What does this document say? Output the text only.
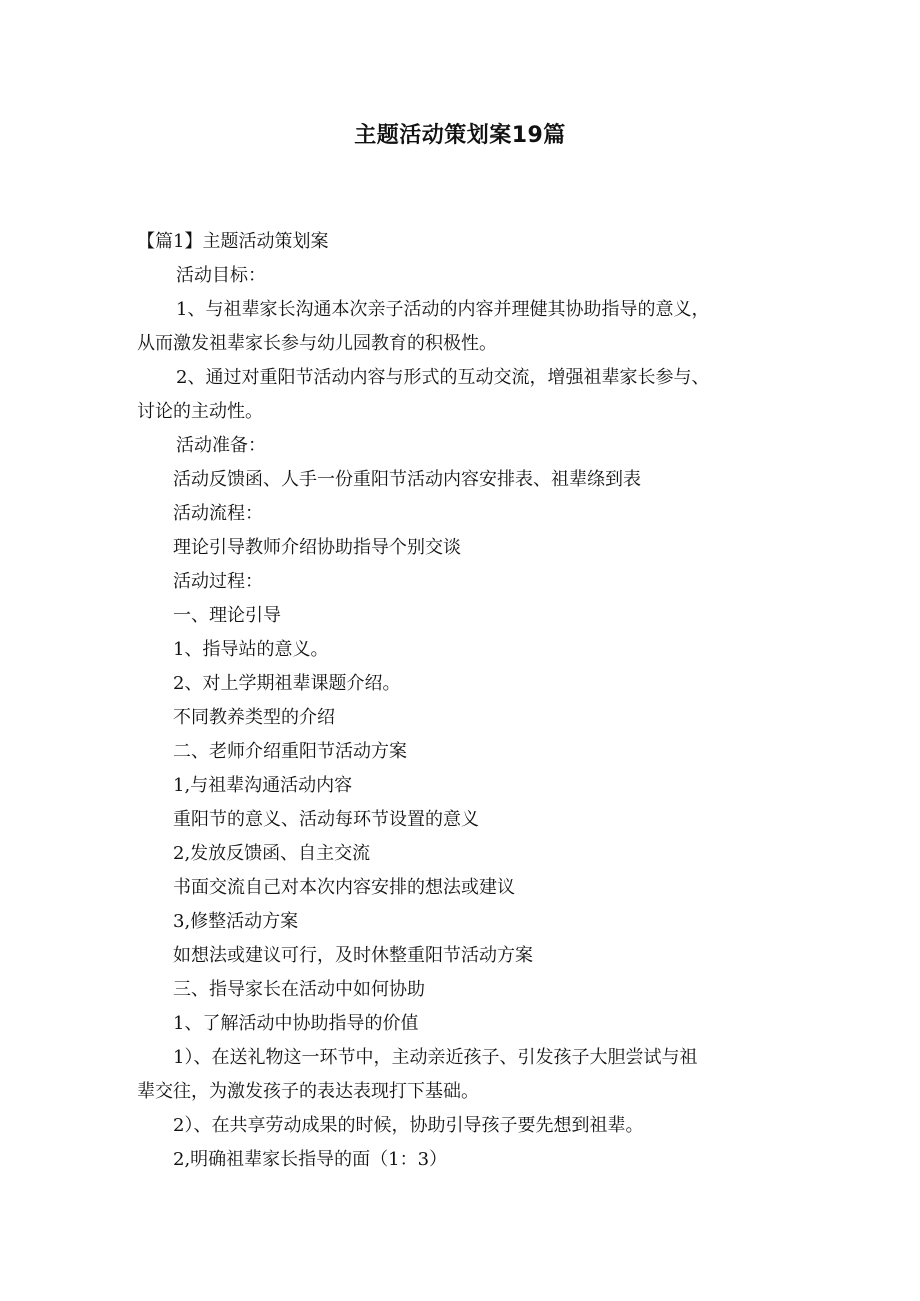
主题活动策划案19篇
【篇1】主题活动策划案
活动目标：
1、与祖辈家长沟通本次亲子活动的内容并理健其协助指导的意义，
从而激发祖辈家长参与幼儿园教育的积极性。
2、通过对重阳节活动内容与形式的互动交流，增强祖辈家长参与、
讨论的主动性。
活动准备：
活动反馈函、人手一份重阳节活动内容安排表、祖辈绦到表
活动流程：
理论引导教师介绍协助指导个别交谈
活动过程：
一、理论引导
1、指导站的意义。
2、对上学期祖辈课题介绍。
不同教养类型的介绍
二、老师介绍重阳节活动方案
1,与祖辈沟通活动内容
重阳节的意义、活动每环节设置的意义
2,发放反馈函、自主交流
书面交流自己对本次内容安排的想法或建议
3,修整活动方案
如想法或建议可行，及时休整重阳节活动方案
三、指导家长在活动中如何协助
1、了解活动中协助指导的价值
1）、在送礼物这一环节中，主动亲近孩子、引发孩子大胆尝试与祖
辈交往，为激发孩子的表达表现打下基础。
2）、在共享劳动成果的时候，协助引导孩子要先想到祖辈。
2,明确祖辈家长指导的面（1：3）
